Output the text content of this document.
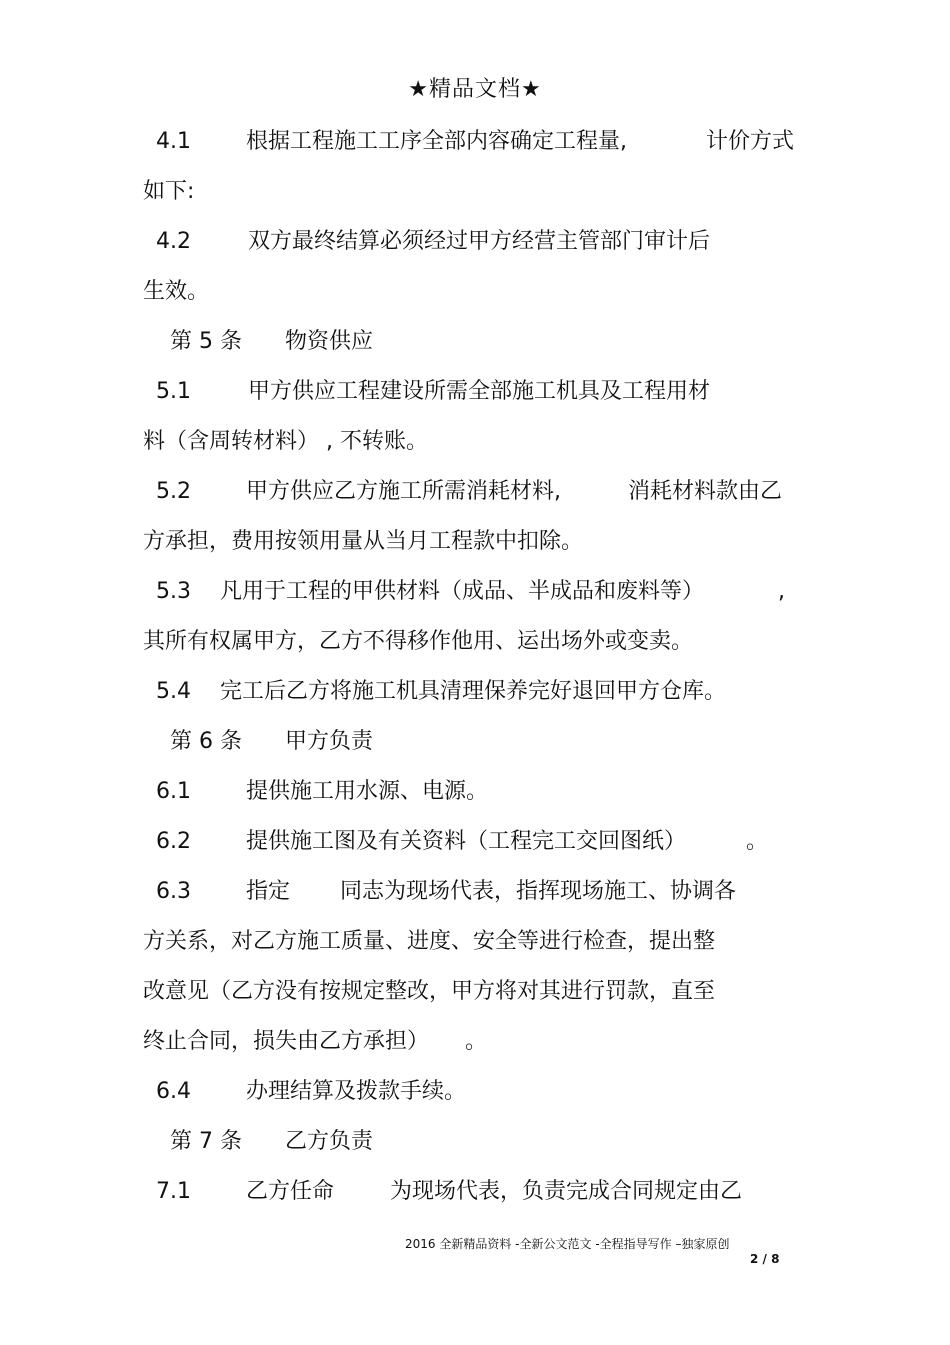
★精品文档★
4.1	根据工程施工工序全部内容确定工程量,	计价方式
如下:
4.2	双方最终结算必须经过甲方经营主管部门审计后
生效。
第 5 条 物资供应
5.1	甲方供应工程建设所需全部施工机具及工程用材
料（含周转材料） , 不转账。
5.2	甲方供应乙方施工所需消耗材料,	消耗材料款由乙
方承担，费用按领用量从当月工程款中扣除。
5.3 凡用于工程的甲供材料（成品、半成品和废料等）	,
其所有权属甲方，乙方不得移作他用、运出场外或变卖。
5.4 完工后乙方将施工机具清理保养完好退回甲方仓库。
第 6 条 甲方负责
6.1	提供施工用水源、电源。
6.2	提供施工图及有关资料（工程完工交回图纸）	。
6.3	指定 同志为现场代表，指挥现场施工、协调各
方关系，对乙方施工质量、进度、安全等进行检查，提出整
改意见（乙方没有按规定整改，甲方将对其进行罚款，直至
终止合同，损失由乙方承担） 。
6.4	办理结算及拨款手续。
第 7 条 乙方负责
7.1	乙方任命	为现场代表，负责完成合同规定由乙
2016 全新精品资料 -全新公文范文 -全程指导写作 –独家原创
2 / 8
